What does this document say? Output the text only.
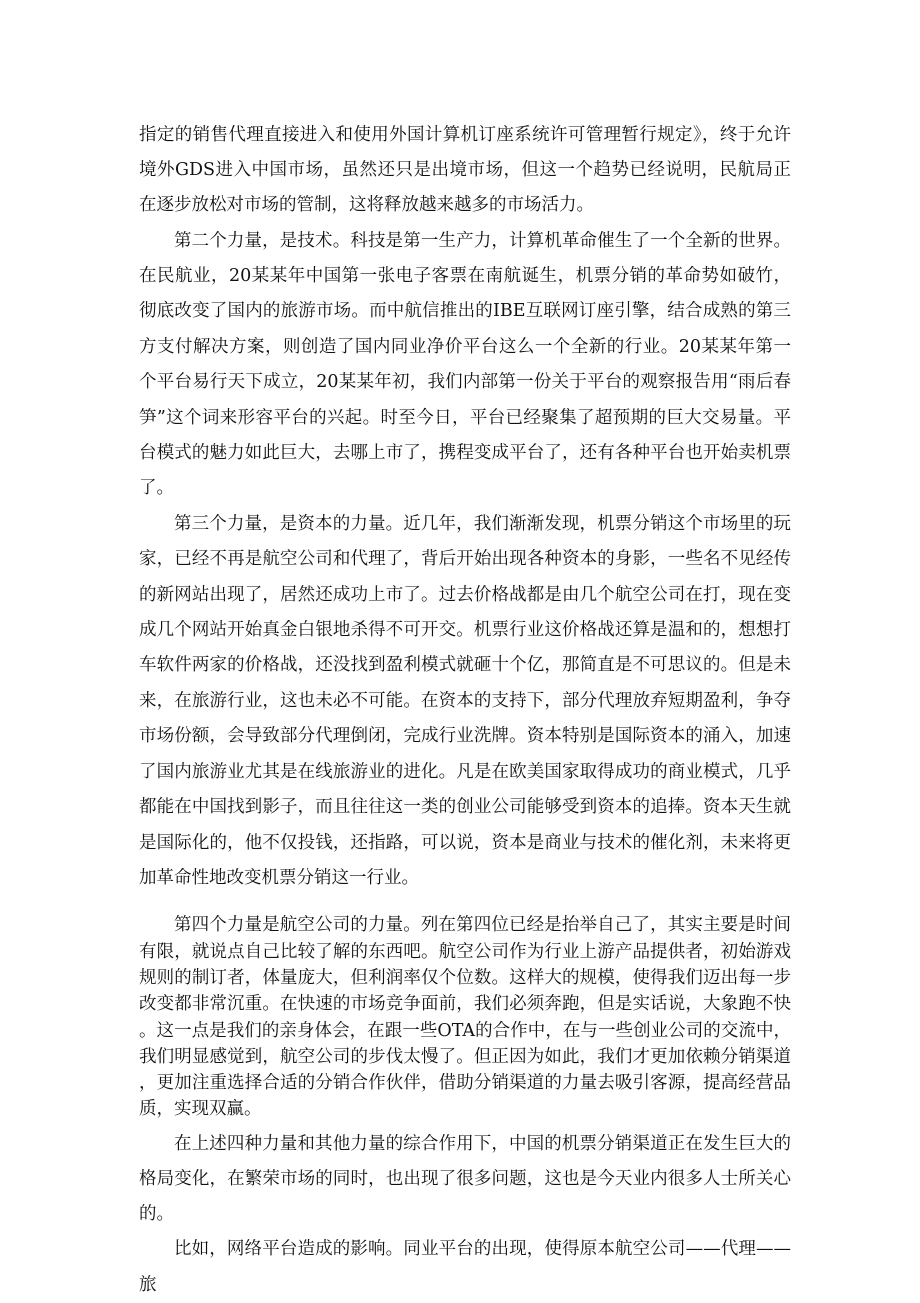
指定的销售代理直接进入和使用外国计算机订座系统许可管理暂行规定》，终于允许境外GDS进入中国市场，虽然还只是出境市场，但这一个趋势已经说明，民航局正在逐步放松对市场的管制，这将释放越来越多的市场活力。

第二个力量，是技术。科技是第一生产力，计算机革命催生了一个全新的世界。在民航业，20某某年中国第一张电子客票在南航诞生，机票分销的革命势如破竹，彻底改变了国内的旅游市场。而中航信推出的IBE互联网订座引擎，结合成熟的第三方支付解决方案，则创造了国内同业净价平台这么一个全新的行业。20某某年第一个平台易行天下成立，20某某年初，我们内部第一份关于平台的观察报告用“雨后春笋”这个词来形容平台的兴起。时至今日，平台已经聚集了超预期的巨大交易量。平台模式的魅力如此巨大，去哪上市了，携程变成平台了，还有各种平台也开始卖机票了。

第三个力量，是资本的力量。近几年，我们渐渐发现，机票分销这个市场里的玩家，已经不再是航空公司和代理了，背后开始出现各种资本的身影，一些名不见经传的新网站出现了，居然还成功上市了。过去价格战都是由几个航空公司在打，现在变成几个网站开始真金白银地杀得不可开交。机票行业这价格战还算是温和的，想想打车软件两家的价格战，还没找到盈利模式就砸十个亿，那简直是不可思议的。但是未来，在旅游行业，这也未必不可能。在资本的支持下，部分代理放弃短期盈利，争夺市场份额，会导致部分代理倒闭，完成行业洗牌。资本特别是国际资本的涌入，加速了国内旅游业尤其是在线旅游业的进化。凡是在欧美国家取得成功的商业模式，几乎都能在中国找到影子，而且往往这一类的创业公司能够受到资本的追捧。资本天生就是国际化的，他不仅投钱，还指路，可以说，资本是商业与技术的催化剂，未来将更加革命性地改变机票分销这一行业。

第四个力量是航空公司的力量。列在第四位已经是抬举自己了，其实主要是时间有限，就说点自己比较了解的东西吧。航空公司作为行业上游产品提供者，初始游戏规则的制订者，体量庞大，但利润率仅个位数。这样大的规模，使得我们迈出每一步改变都非常沉重。在快速的市场竞争面前，我们必须奔跑，但是实话说，大象跑不快。这一点是我们的亲身体会，在跟一些OTA的合作中，在与一些创业公司的交流中，我们明显感觉到，航空公司的步伐太慢了。但正因为如此，我们才更加依赖分销渠道，更加注重选择合适的分销合作伙伴，借助分销渠道的力量去吸引客源，提高经营品质，实现双赢。

在上述四种力量和其他力量的综合作用下，中国的机票分销渠道正在发生巨大的格局变化，在繁荣市场的同时，也出现了很多问题，这也是今天业内很多人士所关心的。

比如，网络平台造成的影响。同业平台的出现，使得原本航空公司——代理——旅
